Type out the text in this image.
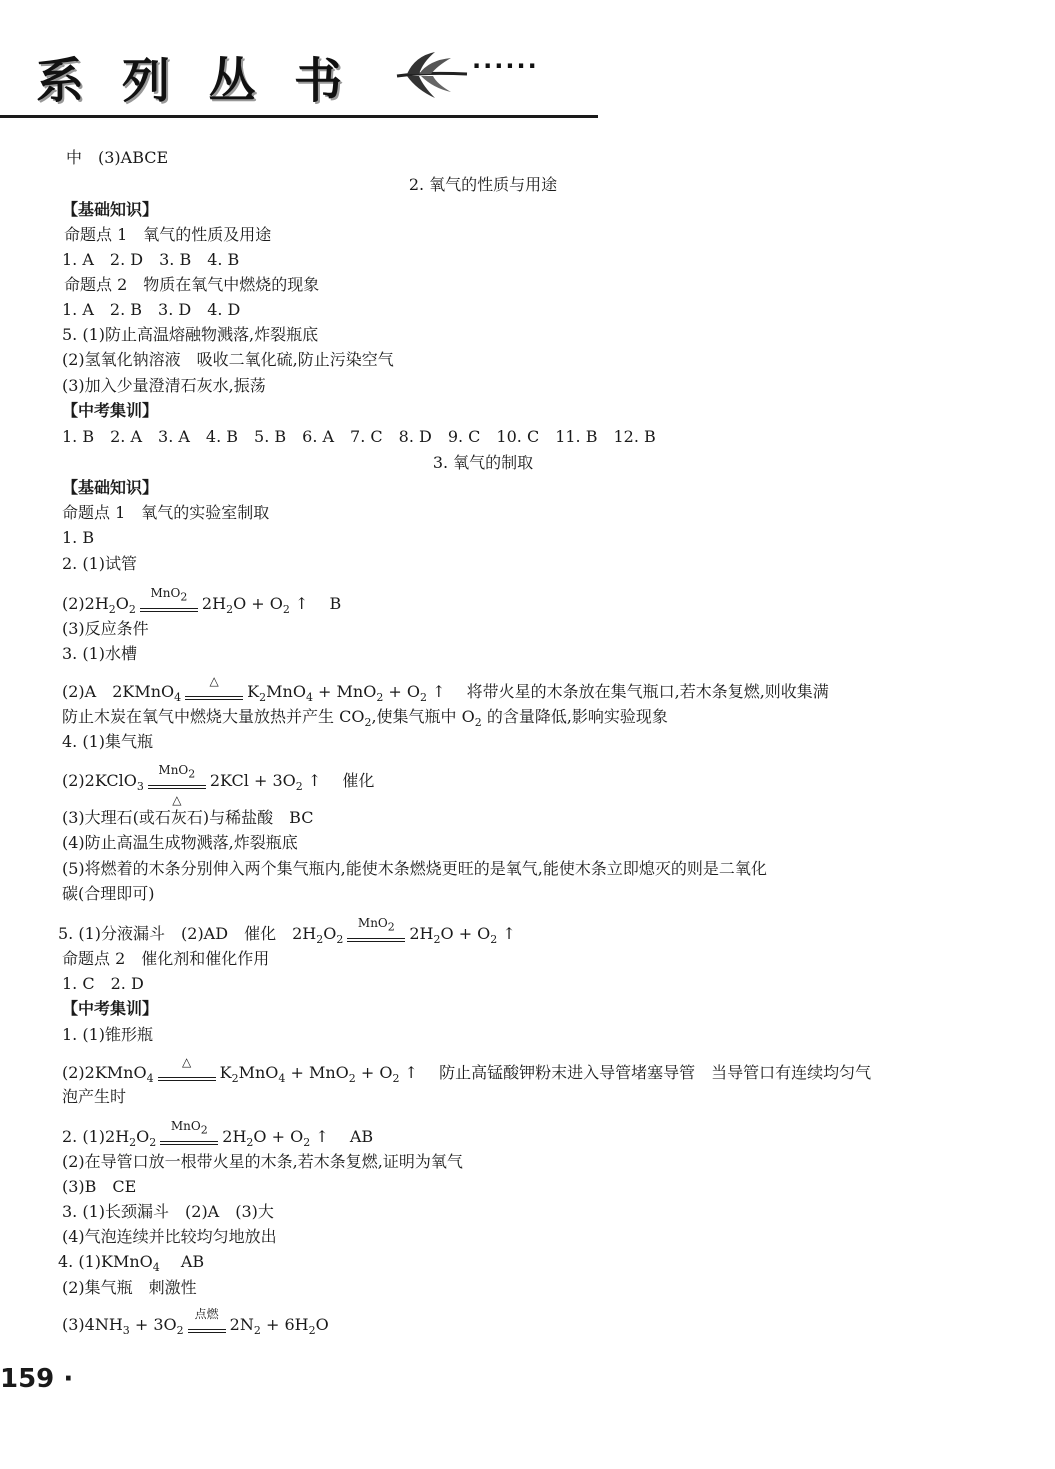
系列丛书	······
中　(3)ABCE
2. 氧气的性质与用途
【基础知识】
命题点 1　氧气的性质及用途
1. A　2. D　3. B　4. B
命题点 2　物质在氧气中燃烧的现象
1. A　2. B　3. D　4. D
5. (1)防止高温熔融物溅落,炸裂瓶底
(2)氢氧化钠溶液　吸收二氧化硫,防止污染空气
(3)加入少量澄清石灰水,振荡
【中考集训】
1. B　2. A　3. A　4. B　5. B　6. A　7. C　8. D　9. C　10. C　11. B　12. B
3. 氧气的制取
【基础知识】
命题点 1　氧气的实验室制取
1. B
2. (1)试管
$(2)2H_2O_2$
MnO$_2$ $2H_2O + O_2$ ↑　 B
(3)反应条件
3. (1)水槽
(2)A　2KMnO$_4$
△
$K_2MnO_4 + MnO_2 + O_2$ ↑　 将带火星的木条放在集气瓶口,若木条复燃,则收集满
防止木炭在氧气中燃烧大量放热并产生 $CO_2$,使集气瓶中 $O_2$ 的含量降低,影响实验现象
4. (1)集气瓶
(2)2KClO$_3$
MnO$_2$
△
$2KCl + 3O_2$ ↑　 催化
(3)大理石(或石灰石)与稀盐酸　BC
(4)防止高温生成物溅落,炸裂瓶底
(5)将燃着的木条分别伸入两个集气瓶内,能使木条燃烧更旺的是氧气,能使木条立即熄灭的则是二氧化
碳(合理即可)
5. (1)分液漏斗　(2)AD　催化　$2H_2O_2$
MnO$_2$ $2H_2O + O_2$ ↑
命题点 2　催化剂和催化作用
1. C　2. D
【中考集训】
1. (1)锥形瓶
(2)2KMnO$_4$
△
$K_2MnO_4 + MnO_2 + O_2$ ↑　 防止高锰酸钾粉末进入导管堵塞导管　当导管口有连续均匀气
泡产生时
2. $(1)2H_2O_2$
MnO$_2$ $2H_2O + O_2$ ↑　 AB
(2)在导管口放一根带火星的木条,若木条复燃,证明为氧气
(3)B　CE
3. (1)长颈漏斗　(2)A　(3)大
(4)气泡连续并比较均匀地放出
4. (1)KMnO$_4$　 AB
(2)集气瓶　刺激性
$(3)4NH_3 + 3O_2$
点燃
$2N_2 + 6H_2O$
159 ·
